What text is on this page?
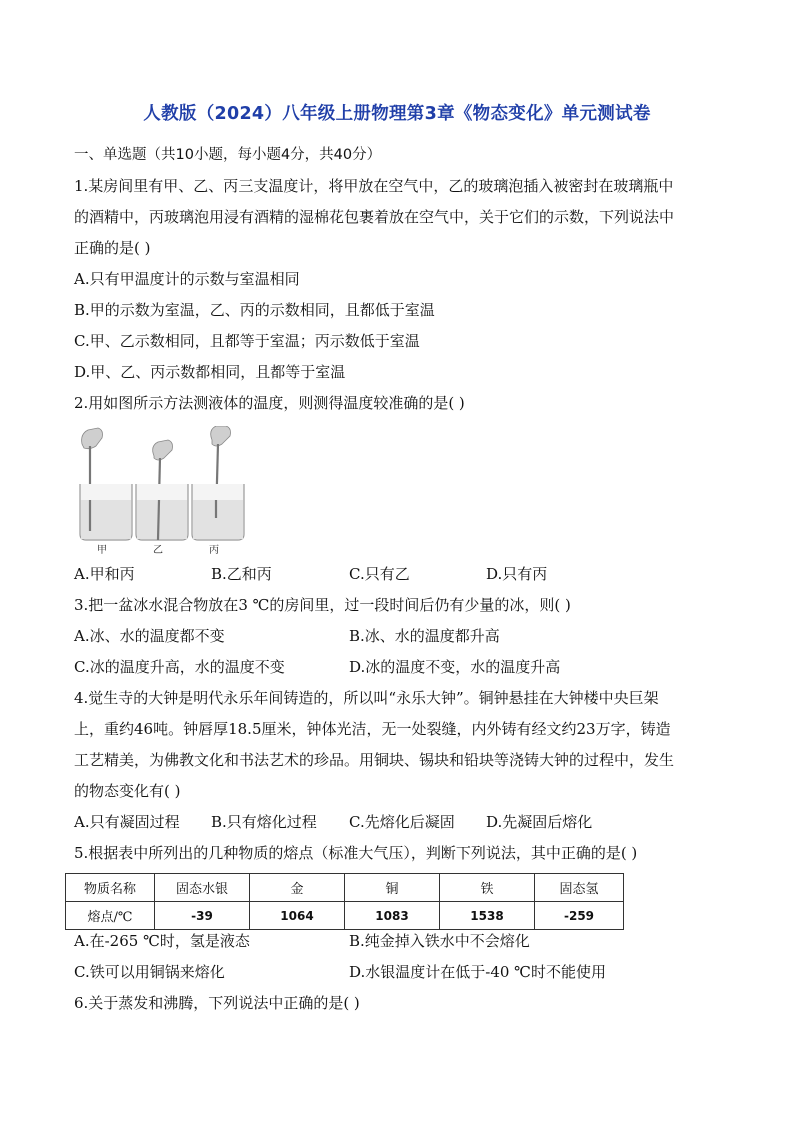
人教版（2024）八年级上册物理第3章《物态变化》单元测试卷
一、单选题（共10小题，每小题4分，共40分）
1.某房间里有甲、乙、丙三支温度计，将甲放在空气中，乙的玻璃泡插入被密封在玻璃瓶中
的酒精中，丙玻璃泡用浸有酒精的湿棉花包裹着放在空气中，关于它们的示数，下列说法中
正确的是( )
A.只有甲温度计的示数与室温相同
B.甲的示数为室温，乙、丙的示数相同，且都低于室温
C.甲、乙示数相同，且都等于室温；丙示数低于室温
D.甲、乙、丙示数都相同，且都等于室温
2.用如图所示方法测液体的温度，则测得温度较准确的是( )
甲	乙	丙
A.甲和丙	B.乙和丙	C.只有乙	D.只有丙
3.把一盆冰水混合物放在3 ℃的房间里，过一段时间后仍有少量的冰，则( )
A.冰、水的温度都不变	B.冰、水的温度都升高
C.冰的温度升高，水的温度不变	D.冰的温度不变，水的温度升高
4.觉生寺的大钟是明代永乐年间铸造的，所以叫“永乐大钟”。铜钟悬挂在大钟楼中央巨架
上，重约46吨。钟唇厚18.5厘米，钟体光洁，无一处裂缝，内外铸有经文约23万字，铸造
工艺精美，为佛教文化和书法艺术的珍品。用铜块、锡块和铅块等浇铸大钟的过程中，发生
的物态变化有( )
A.只有凝固过程 B.只有熔化过程 C.先熔化后凝固 D.先凝固后熔化
5.根据表中所列出的几种物质的熔点（标准大气压），判断下列说法，其中正确的是( )
物质名称	固态水银	金	铜	铁	固态氢
熔点/℃	-39	1064	1083	1538	-259
A.在-265 ℃时，氢是液态	B.纯金掉入铁水中不会熔化
C.铁可以用铜锅来熔化	D.水银温度计在低于-40 ℃时不能使用
6.关于蒸发和沸腾，下列说法中正确的是( )
